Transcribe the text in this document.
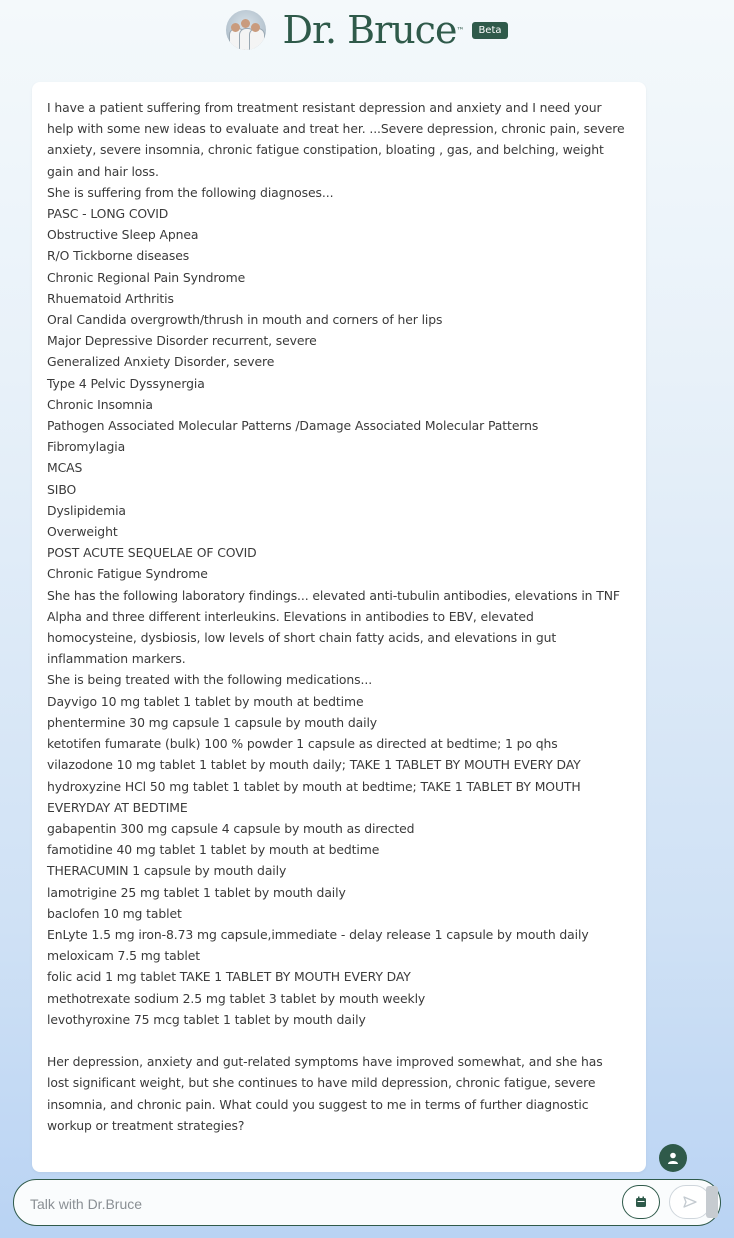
Dr. Bruce ™	Beta
I have a patient suffering from treatment resistant depression and anxiety and I need your
help with some new ideas to evaluate and treat her. ...Severe depression, chronic pain, severe
anxiety, severe insomnia, chronic fatigue constipation, bloating , gas, and belching, weight
gain and hair loss.
She is suffering from the following diagnoses...
PASC - LONG COVID
Obstructive Sleep Apnea
R/O Tickborne diseases
Chronic Regional Pain Syndrome
Rhuematoid Arthritis
Oral Candida overgrowth/thrush in mouth and corners of her lips
Major Depressive Disorder recurrent, severe
Generalized Anxiety Disorder, severe
Type 4 Pelvic Dyssynergia
Chronic Insomnia
Pathogen Associated Molecular Patterns /Damage Associated Molecular Patterns
Fibromylagia
MCAS
SIBO
Dyslipidemia
Overweight
POST ACUTE SEQUELAE OF COVID
Chronic Fatigue Syndrome
She has the following laboratory findings... elevated anti-tubulin antibodies, elevations in TNF
Alpha and three different interleukins. Elevations in antibodies to EBV, elevated
homocysteine, dysbiosis, low levels of short chain fatty acids, and elevations in gut
inflammation markers.
She is being treated with the following medications...
Dayvigo 10 mg tablet 1 tablet by mouth at bedtime
phentermine 30 mg capsule 1 capsule by mouth daily
ketotifen fumarate (bulk) 100 % powder 1 capsule as directed at bedtime; 1 po qhs
vilazodone 10 mg tablet 1 tablet by mouth daily; TAKE 1 TABLET BY MOUTH EVERY DAY
hydroxyzine HCl 50 mg tablet 1 tablet by mouth at bedtime; TAKE 1 TABLET BY MOUTH
EVERYDAY AT BEDTIME
gabapentin 300 mg capsule 4 capsule by mouth as directed
famotidine 40 mg tablet 1 tablet by mouth at bedtime
THERACUMIN 1 capsule by mouth daily
lamotrigine 25 mg tablet 1 tablet by mouth daily
baclofen 10 mg tablet
EnLyte 1.5 mg iron-8.73 mg capsule,immediate - delay release 1 capsule by mouth daily
meloxicam 7.5 mg tablet
folic acid 1 mg tablet TAKE 1 TABLET BY MOUTH EVERY DAY
methotrexate sodium 2.5 mg tablet 3 tablet by mouth weekly
levothyroxine 75 mcg tablet 1 tablet by mouth daily
Her depression, anxiety and gut-related symptoms have improved somewhat, and she has
lost significant weight, but she continues to have mild depression, chronic fatigue, severe
insomnia, and chronic pain. What could you suggest to me in terms of further diagnostic
workup or treatment strategies?
Talk with Dr.Bruce
